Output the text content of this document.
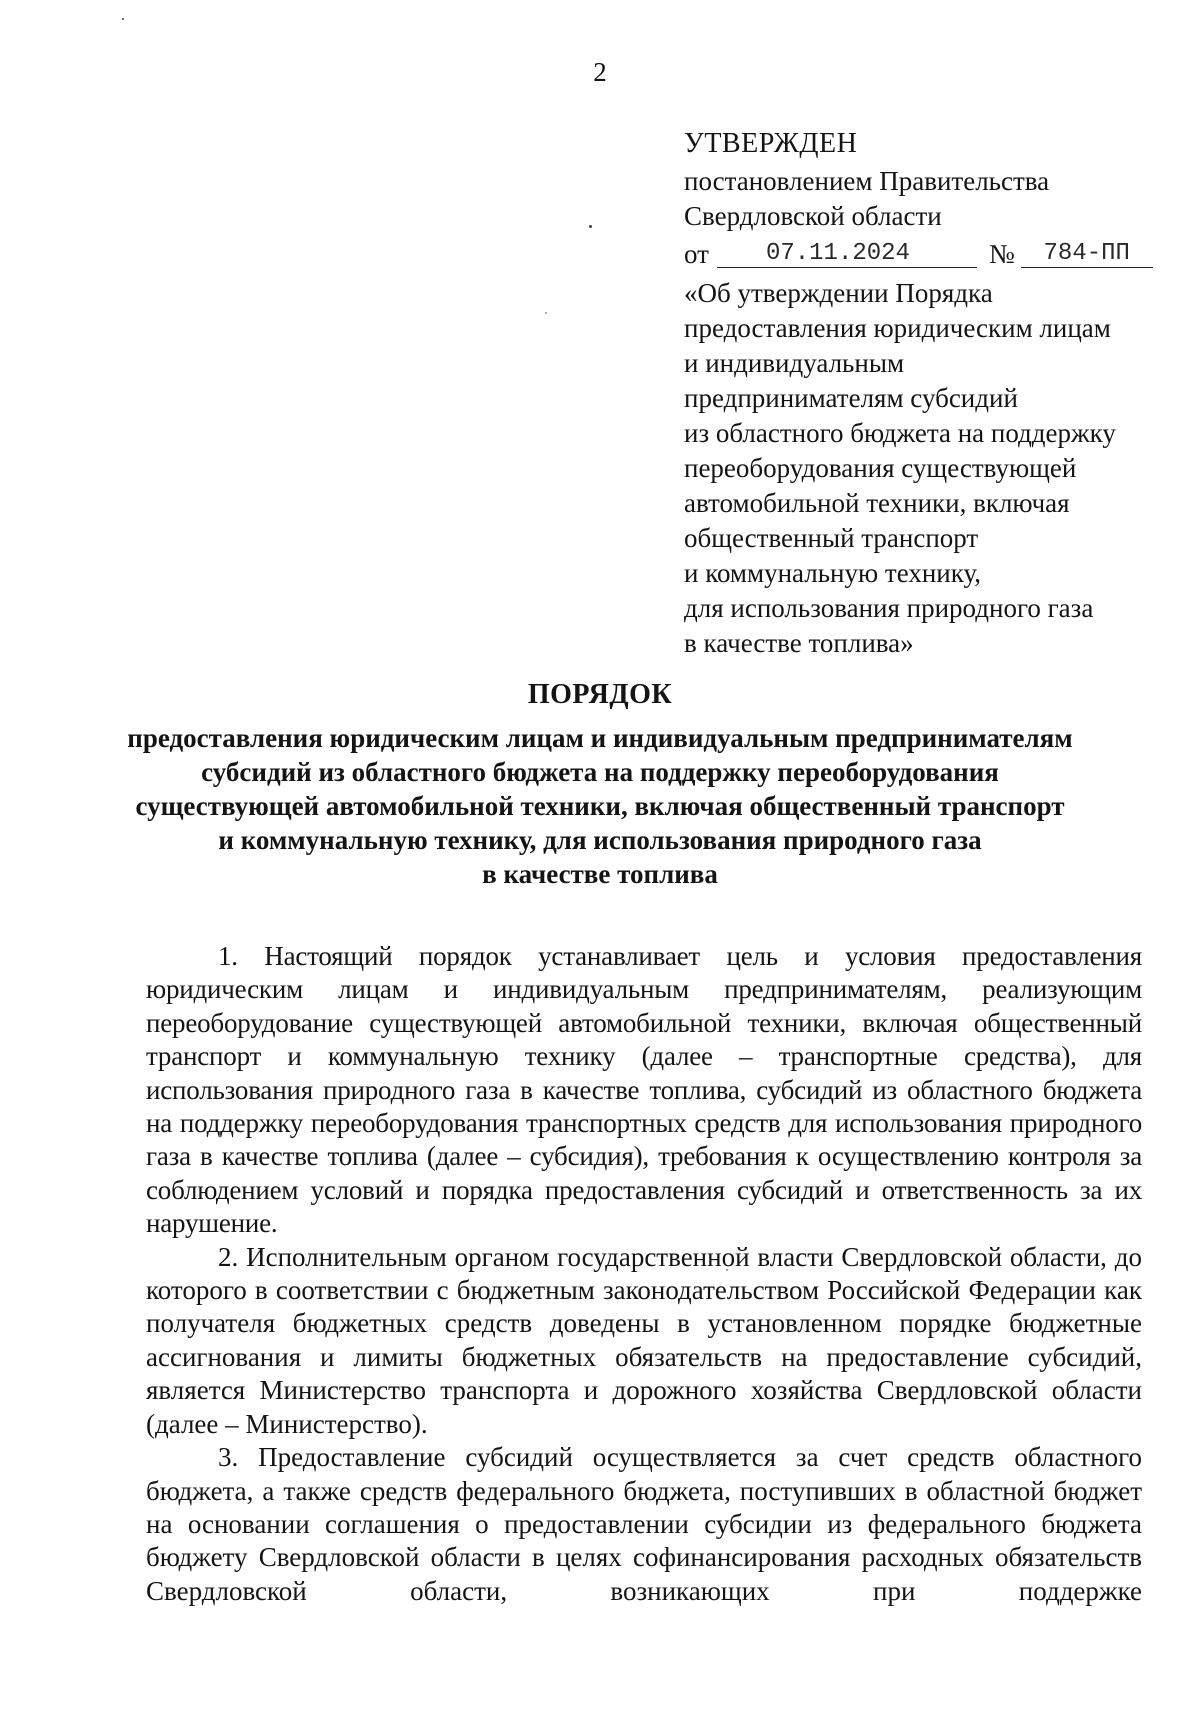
2
УТВЕРЖДЕН
постановлением Правительства
Свердловской области
от	07.11.2024	№	784-ПП
«Об утверждении Порядка
предоставления юридическим лицам
и индивидуальным
предпринимателям субсидий
из областного бюджета на поддержку
переоборудования существующей
автомобильной техники, включая
общественный транспорт
и коммунальную технику,
для использования природного газа
в качестве топлива»
ПОРЯДОК
предоставления юридическим лицам и индивидуальным предпринимателям
субсидий из областного бюджета на поддержку переоборудования
существующей автомобильной техники, включая общественный транспорт
и коммунальную технику, для использования природного газа
в качестве топлива

1. Настоящий порядок устанавливает цель и условия предоставления юридическим лицам и индивидуальным предпринимателям, реализующим переоборудование существующей автомобильной техники, включая общественный транспорт и коммунальную технику (далее – транспортные средства), для использования природного газа в качестве топлива, субсидий из областного бюджета на поддержку переоборудования транспортных средств для использования природного газа в качестве топлива (далее – субсидия), требования к осуществлению контроля за соблюдением условий и порядка предоставления субсидий и ответственность за их нарушение.

2. Исполнительным органом государственной власти Свердловской области, до которого в соответствии с бюджетным законодательством Российской Федерации как получателя бюджетных средств доведены в установленном порядке бюджетные ассигнования и лимиты бюджетных обязательств на предоставление субсидий, является Министерство транспорта и дорожного хозяйства Свердловской области (далее – Министерство).

3. Предоставление субсидий осуществляется за счет средств областного бюджета, а также средств федерального бюджета, поступивших в областной бюджет на основании соглашения о предоставлении субсидии из федерального бюджета бюджету Свердловской области в целях софинансирования расходных обязательств Свердловской области, возникающих при поддержке
